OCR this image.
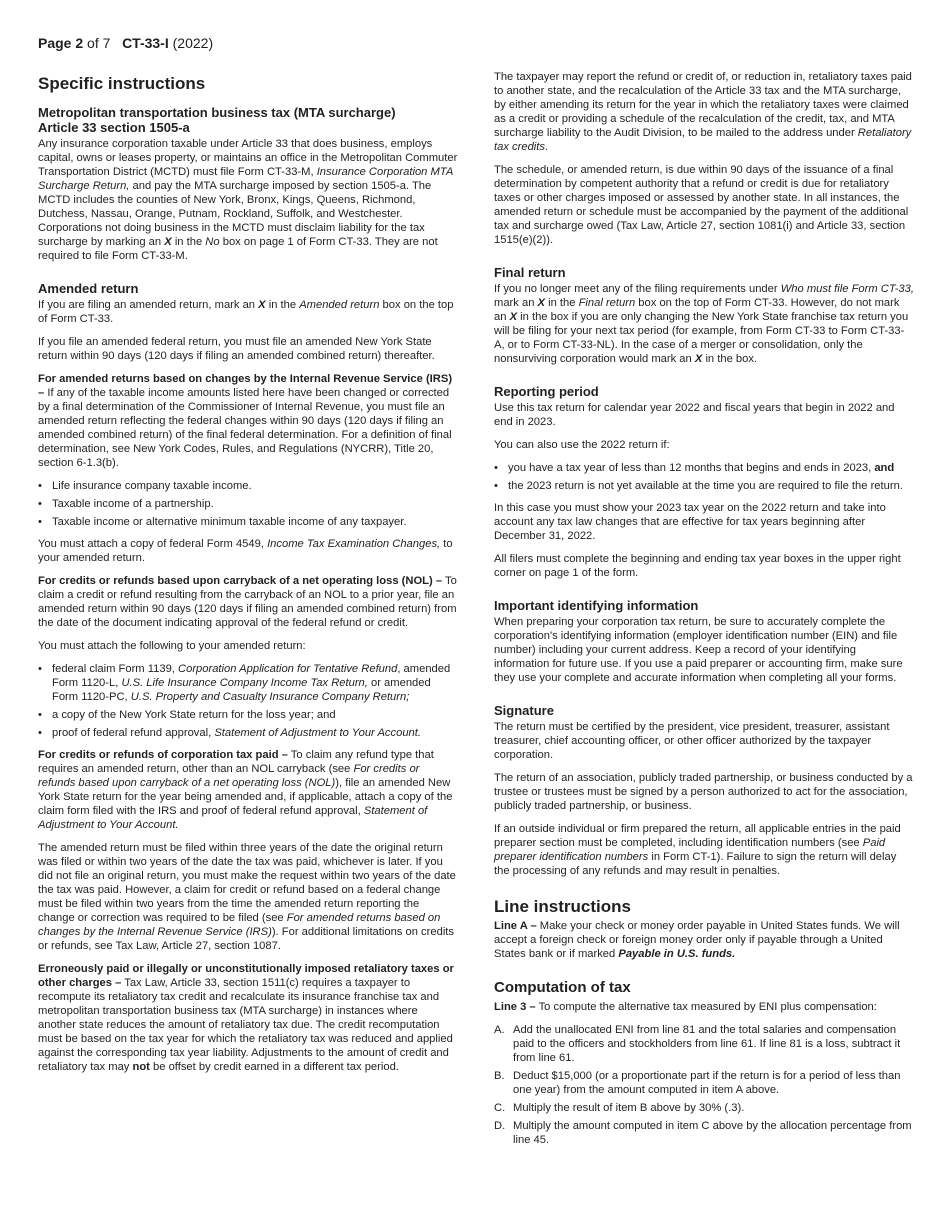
Page 2 of 7 CT-33-I (2022)
Specific instructions
Metropolitan transportation business tax (MTA surcharge)
Article 33 section 1505-a

Any insurance corporation taxable under Article 33 that does business, employs capital, owns or leases property, or maintains an office in the Metropolitan Commuter Transportation District (MCTD) must file Form CT-33-M, Insurance Corporation MTA Surcharge Return, and pay the MTA surcharge imposed by section 1505-a. The MCTD includes the counties of New York, Bronx, Kings, Queens, Richmond, Dutchess, Nassau, Orange, Putnam, Rockland, Suffolk, and Westchester. Corporations not doing business in the MCTD must disclaim liability for the tax surcharge by marking an X in the No box on page 1 of Form CT-33. They are not required to file Form CT-33-M.

Amended return

If you are filing an amended return, mark an X in the Amended return box on the top of Form CT-33.

If you file an amended federal return, you must file an amended New York State return within 90 days (120 days if filing an amended combined return) thereafter.

For amended returns based on changes by the Internal Revenue Service (IRS) – If any of the taxable income amounts listed here have been changed or corrected by a final determination of the Commissioner of Internal Revenue, you must file an amended return reflecting the federal changes within 90 days (120 days if filing an amended combined return) of the final federal determination. For a definition of final determination, see New York Codes, Rules, and Regulations (NYCRR), Title 20, section 6-1.3(b).

• Life insurance company taxable income.
• Taxable income of a partnership.
• Taxable income or alternative minimum taxable income of any taxpayer.

You must attach a copy of federal Form 4549, Income Tax Examination Changes, to your amended return.

For credits or refunds based upon carryback of a net operating loss (NOL) – To claim a credit or refund resulting from the carryback of an NOL to a prior year, file an amended return within 90 days (120 days if filing an amended combined return) from the date of the document indicating approval of the federal refund or credit.

You must attach the following to your amended return:

• federal claim Form 1139, Corporation Application for Tentative Refund, amended Form 1120-L, U.S. Life Insurance Company Income Tax Return, or amended Form 1120-PC, U.S. Property and Casualty Insurance Company Return;
• a copy of the New York State return for the loss year; and
• proof of federal refund approval, Statement of Adjustment to Your Account.

For credits or refunds of corporation tax paid – To claim any refund type that requires an amended return, other than an NOL carryback (see For credits or refunds based upon carryback of a net operating loss (NOL)), file an amended New York State return for the year being amended and, if applicable, attach a copy of the claim form filed with the IRS and proof of federal refund approval, Statement of Adjustment to Your Account.

The amended return must be filed within three years of the date the original return was filed or within two years of the date the tax was paid, whichever is later. If you did not file an original return, you must make the request within two years of the date the tax was paid. However, a claim for credit or refund based on a federal change must be filed within two years from the time the amended return reporting the change or correction was required to be filed (see For amended returns based on changes by the Internal Revenue Service (IRS)). For additional limitations on credits or refunds, see Tax Law, Article 27, section 1087.

Erroneously paid or illegally or unconstitutionally imposed retaliatory taxes or other charges – Tax Law, Article 33, section 1511(c) requires a taxpayer to recompute its retaliatory tax credit and recalculate its insurance franchise tax and metropolitan transportation business tax (MTA surcharge) in instances where another state reduces the amount of retaliatory tax due. The credit recomputation must be based on the tax year for which the retaliatory tax was reduced and applied against the corresponding tax year liability. Adjustments to the amount of credit and retaliatory tax may not be offset by credit earned in a different tax period.

The taxpayer may report the refund or credit of, or reduction in, retaliatory taxes paid to another state, and the recalculation of the Article 33 tax and the MTA surcharge, by either amending its return for the year in which the retaliatory taxes were claimed as a credit or providing a schedule of the recalculation of the credit, tax, and MTA surcharge liability to the Audit Division, to be mailed to the address under Retaliatory tax credits.

The schedule, or amended return, is due within 90 days of the issuance of a final determination by competent authority that a refund or credit is due for retaliatory taxes or other charges imposed or assessed by another state. In all instances, the amended return or schedule must be accompanied by the payment of the additional tax and surcharge owed (Tax Law, Article 27, section 1081(i) and Article 33, section 1515(e)(2)).

Final return

If you no longer meet any of the filing requirements under Who must file Form CT-33, mark an X in the Final return box on the top of Form CT-33. However, do not mark an X in the box if you are only changing the New York State franchise tax return you will be filing for your next tax period (for example, from Form CT-33 to Form CT-33-A, or to Form CT-33-NL). In the case of a merger or consolidation, only the nonsurviving corporation would mark an X in the box.

Reporting period

Use this tax return for calendar year 2022 and fiscal years that begin in 2022 and end in 2023.

You can also use the 2022 return if:

• you have a tax year of less than 12 months that begins and ends in 2023, and
• the 2023 return is not yet available at the time you are required to file the return.

In this case you must show your 2023 tax year on the 2022 return and take into account any tax law changes that are effective for tax years beginning after December 31, 2022.

All filers must complete the beginning and ending tax year boxes in the upper right corner on page 1 of the form.

Important identifying information

When preparing your corporation tax return, be sure to accurately complete the corporation's identifying information (employer identification number (EIN) and file number) including your current address. Keep a record of your identifying information for future use. If you use a paid preparer or accounting firm, make sure they use your complete and accurate information when completing all your forms.

Signature

The return must be certified by the president, vice president, treasurer, assistant treasurer, chief accounting officer, or other officer authorized by the taxpayer corporation.

The return of an association, publicly traded partnership, or business conducted by a trustee or trustees must be signed by a person authorized to act for the association, publicly traded partnership, or business.

If an outside individual or firm prepared the return, all applicable entries in the paid preparer section must be completed, including identification numbers (see Paid preparer identification numbers in Form CT-1). Failure to sign the return will delay the processing of any refunds and may result in penalties.

Line instructions

Line A – Make your check or money order payable in United States funds. We will accept a foreign check or foreign money order only if payable through a United States bank or if marked Payable in U.S. funds.

Computation of tax

Line 3 – To compute the alternative tax measured by ENI plus compensation:

A. Add the unallocated ENI from line 81 and the total salaries and compensation paid to the officers and stockholders from line 61. If line 81 is a loss, subtract it from line 61.
B. Deduct $15,000 (or a proportionate part if the return is for a period of less than one year) from the amount computed in item A above.
C. Multiply the result of item B above by 30% (.3).
D. Multiply the amount computed in item C above by the allocation percentage from line 45.
